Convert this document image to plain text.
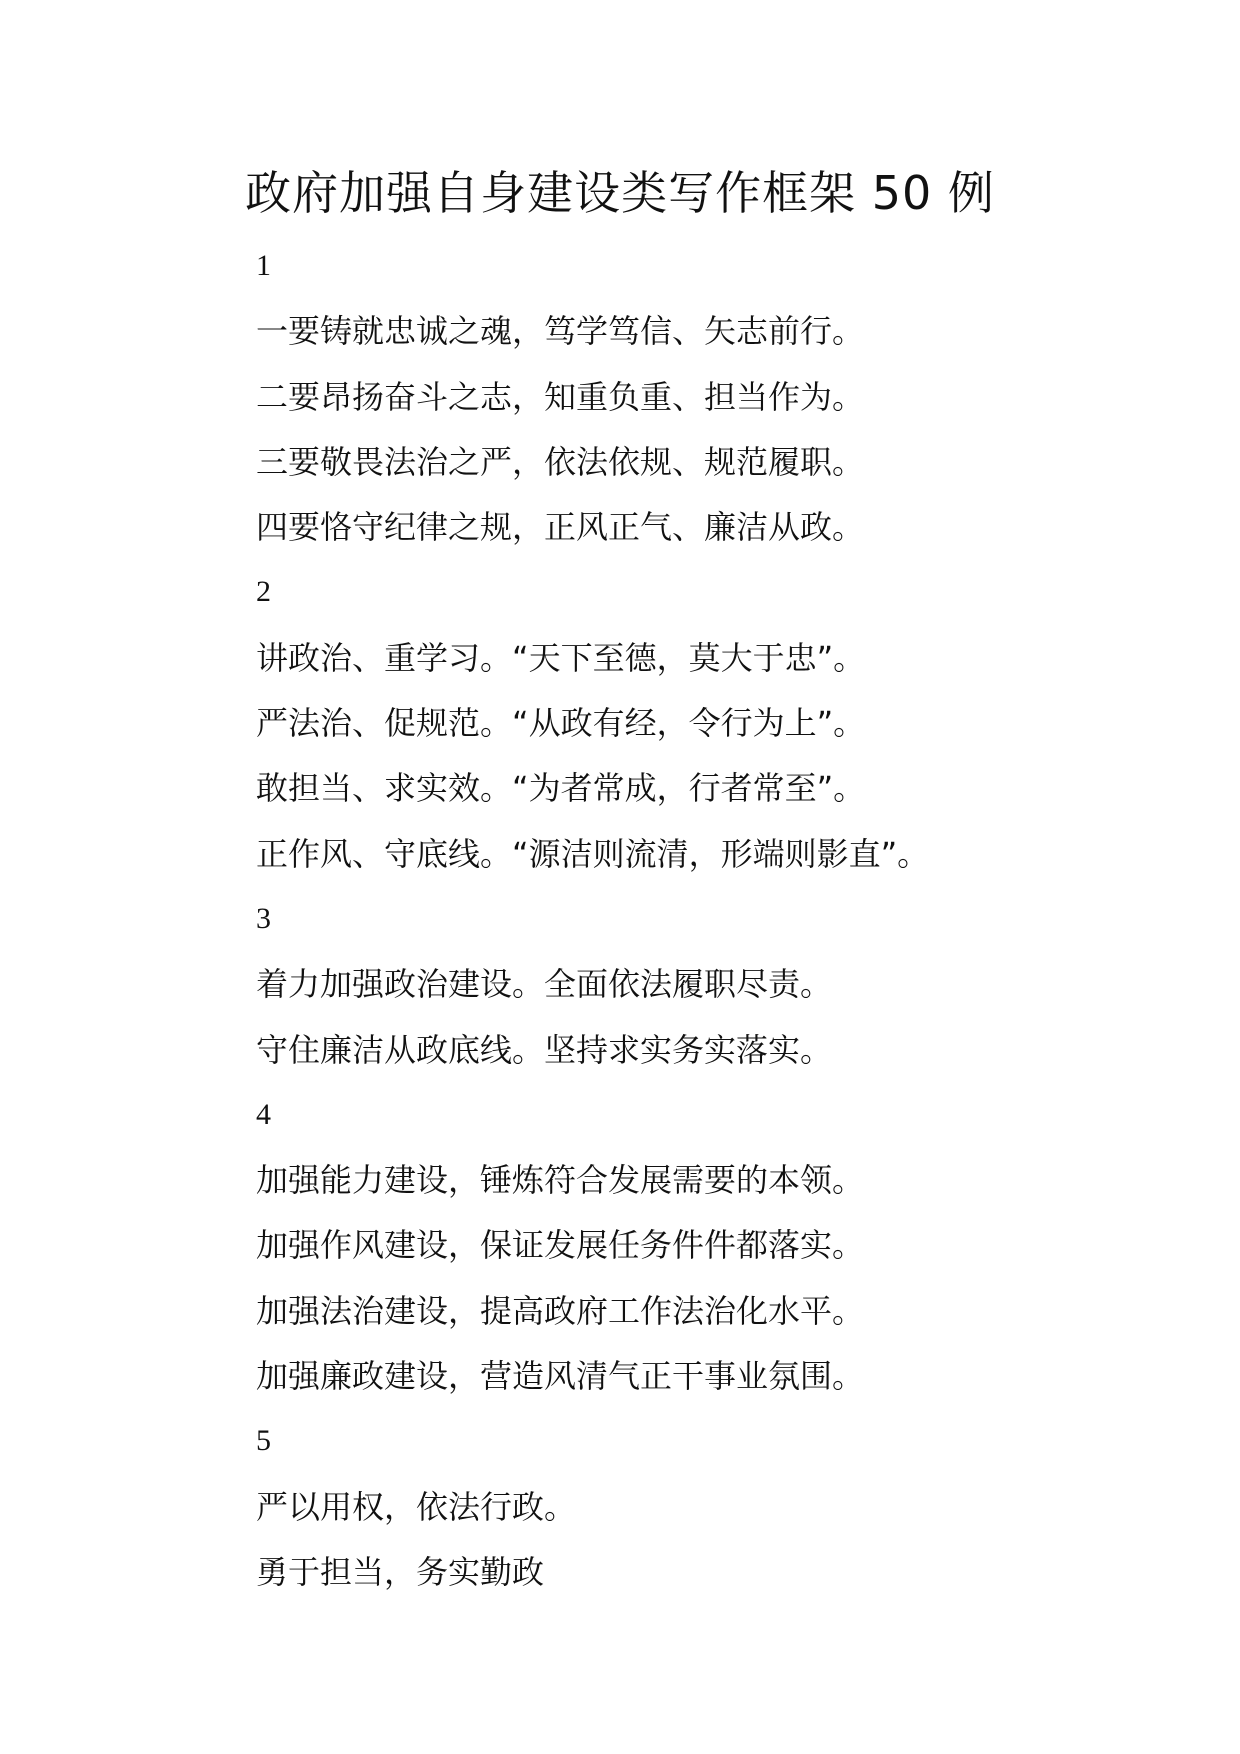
政府加强自身建设类写作框架 50 例
1
一要铸就忠诚之魂，笃学笃信、矢志前行。
二要昂扬奋斗之志，知重负重、担当作为。
三要敬畏法治之严，依法依规、规范履职。
四要恪守纪律之规，正风正气、廉洁从政。
2
讲政治、重学习。“天下至德，莫大于忠”。
严法治、促规范。“从政有经，令行为上”。
敢担当、求实效。“为者常成，行者常至”。
正作风、守底线。“源洁则流清，形端则影直”。
3
着力加强政治建设。全面依法履职尽责。
守住廉洁从政底线。坚持求实务实落实。
4
加强能力建设，锤炼符合发展需要的本领。
加强作风建设，保证发展任务件件都落实。
加强法治建设，提高政府工作法治化水平。
加强廉政建设，营造风清气正干事业氛围。
5
严以用权，依法行政。
勇于担当，务实勤政
